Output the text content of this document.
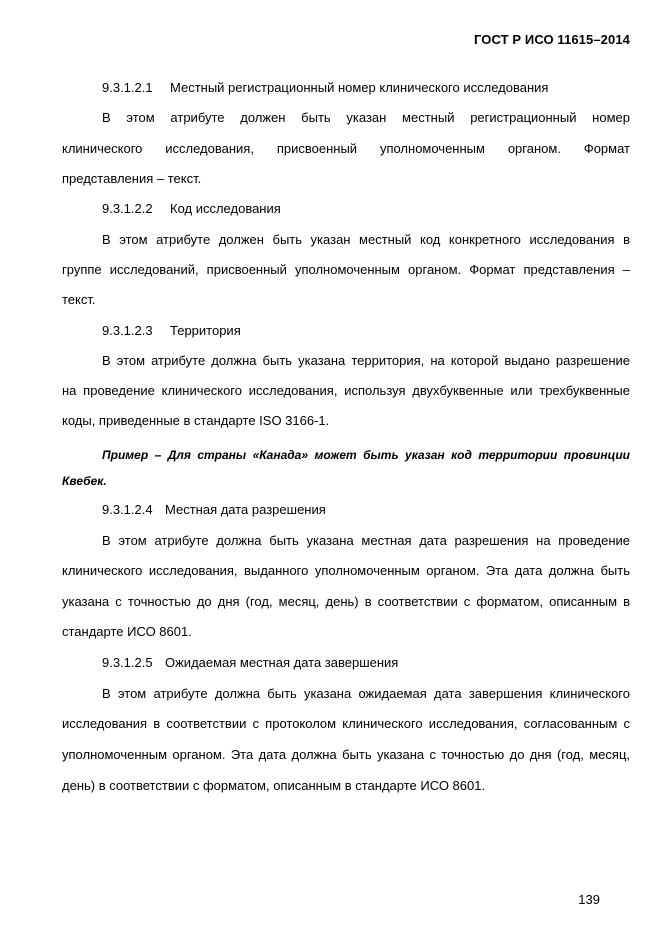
ГОСТ Р ИСО 11615–2014
9.3.1.2.1 Местный регистрационный номер клинического исследования
В этом атрибуте должен быть указан местный регистрационный номер
клинического исследования, присвоенный уполномоченным органом. Формат
представления – текст.
9.3.1.2.2 Код исследования
В этом атрибуте должен быть указан местный код конкретного исследования в
группе исследований, присвоенный уполномоченным органом. Формат представления –
текст.
9.3.1.2.3 Территория
В этом атрибуте должна быть указана территория, на которой выдано разрешение
на проведение клинического исследования, используя двухбуквенные или трехбуквенные
коды, приведенные в стандарте ISO 3166-1.
Пример – Для страны «Канада» может быть указан код территории провинции
Квебек.
9.3.1.2.4 Местная дата разрешения
В этом атрибуте должна быть указана местная дата разрешения на проведение
клинического исследования, выданного уполномоченным органом. Эта дата должна быть
указана с точностью до дня (год, месяц, день) в соответствии с форматом, описанным в
стандарте ИСО 8601.
9.3.1.2.5 Ожидаемая местная дата завершения
В этом атрибуте должна быть указана ожидаемая дата завершения клинического
исследования в соответствии с протоколом клинического исследования, согласованным с
уполномоченным органом. Эта дата должна быть указана с точностью до дня (год, месяц,
день) в соответствии с форматом, описанным в стандарте ИСО 8601.
139
